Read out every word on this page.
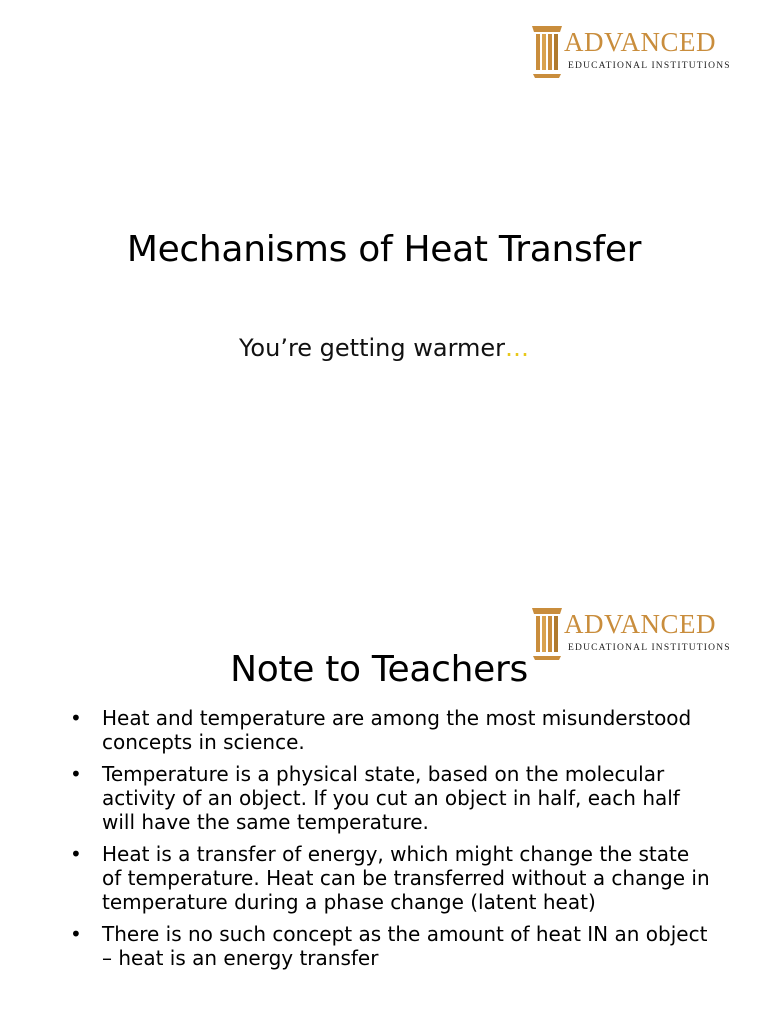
ADVANCED
EDUCATIONAL INSTITUTIONS
Mechanisms of Heat Transfer
You’re getting warmer…
ADVANCED
EDUCATIONAL INSTITUTIONS
Note to Teachers
•	Heat and temperature are among the most misunderstood concepts in science.
•	Temperature is a physical state, based on the molecular activity of an object. If you cut an object in half, each half will have the same temperature.
•	Heat is a transfer of energy, which might change the state of temperature. Heat can be transferred without a change in temperature during a phase change (latent heat)
•	There is no such concept as the amount of heat IN an object – heat is an energy transfer
